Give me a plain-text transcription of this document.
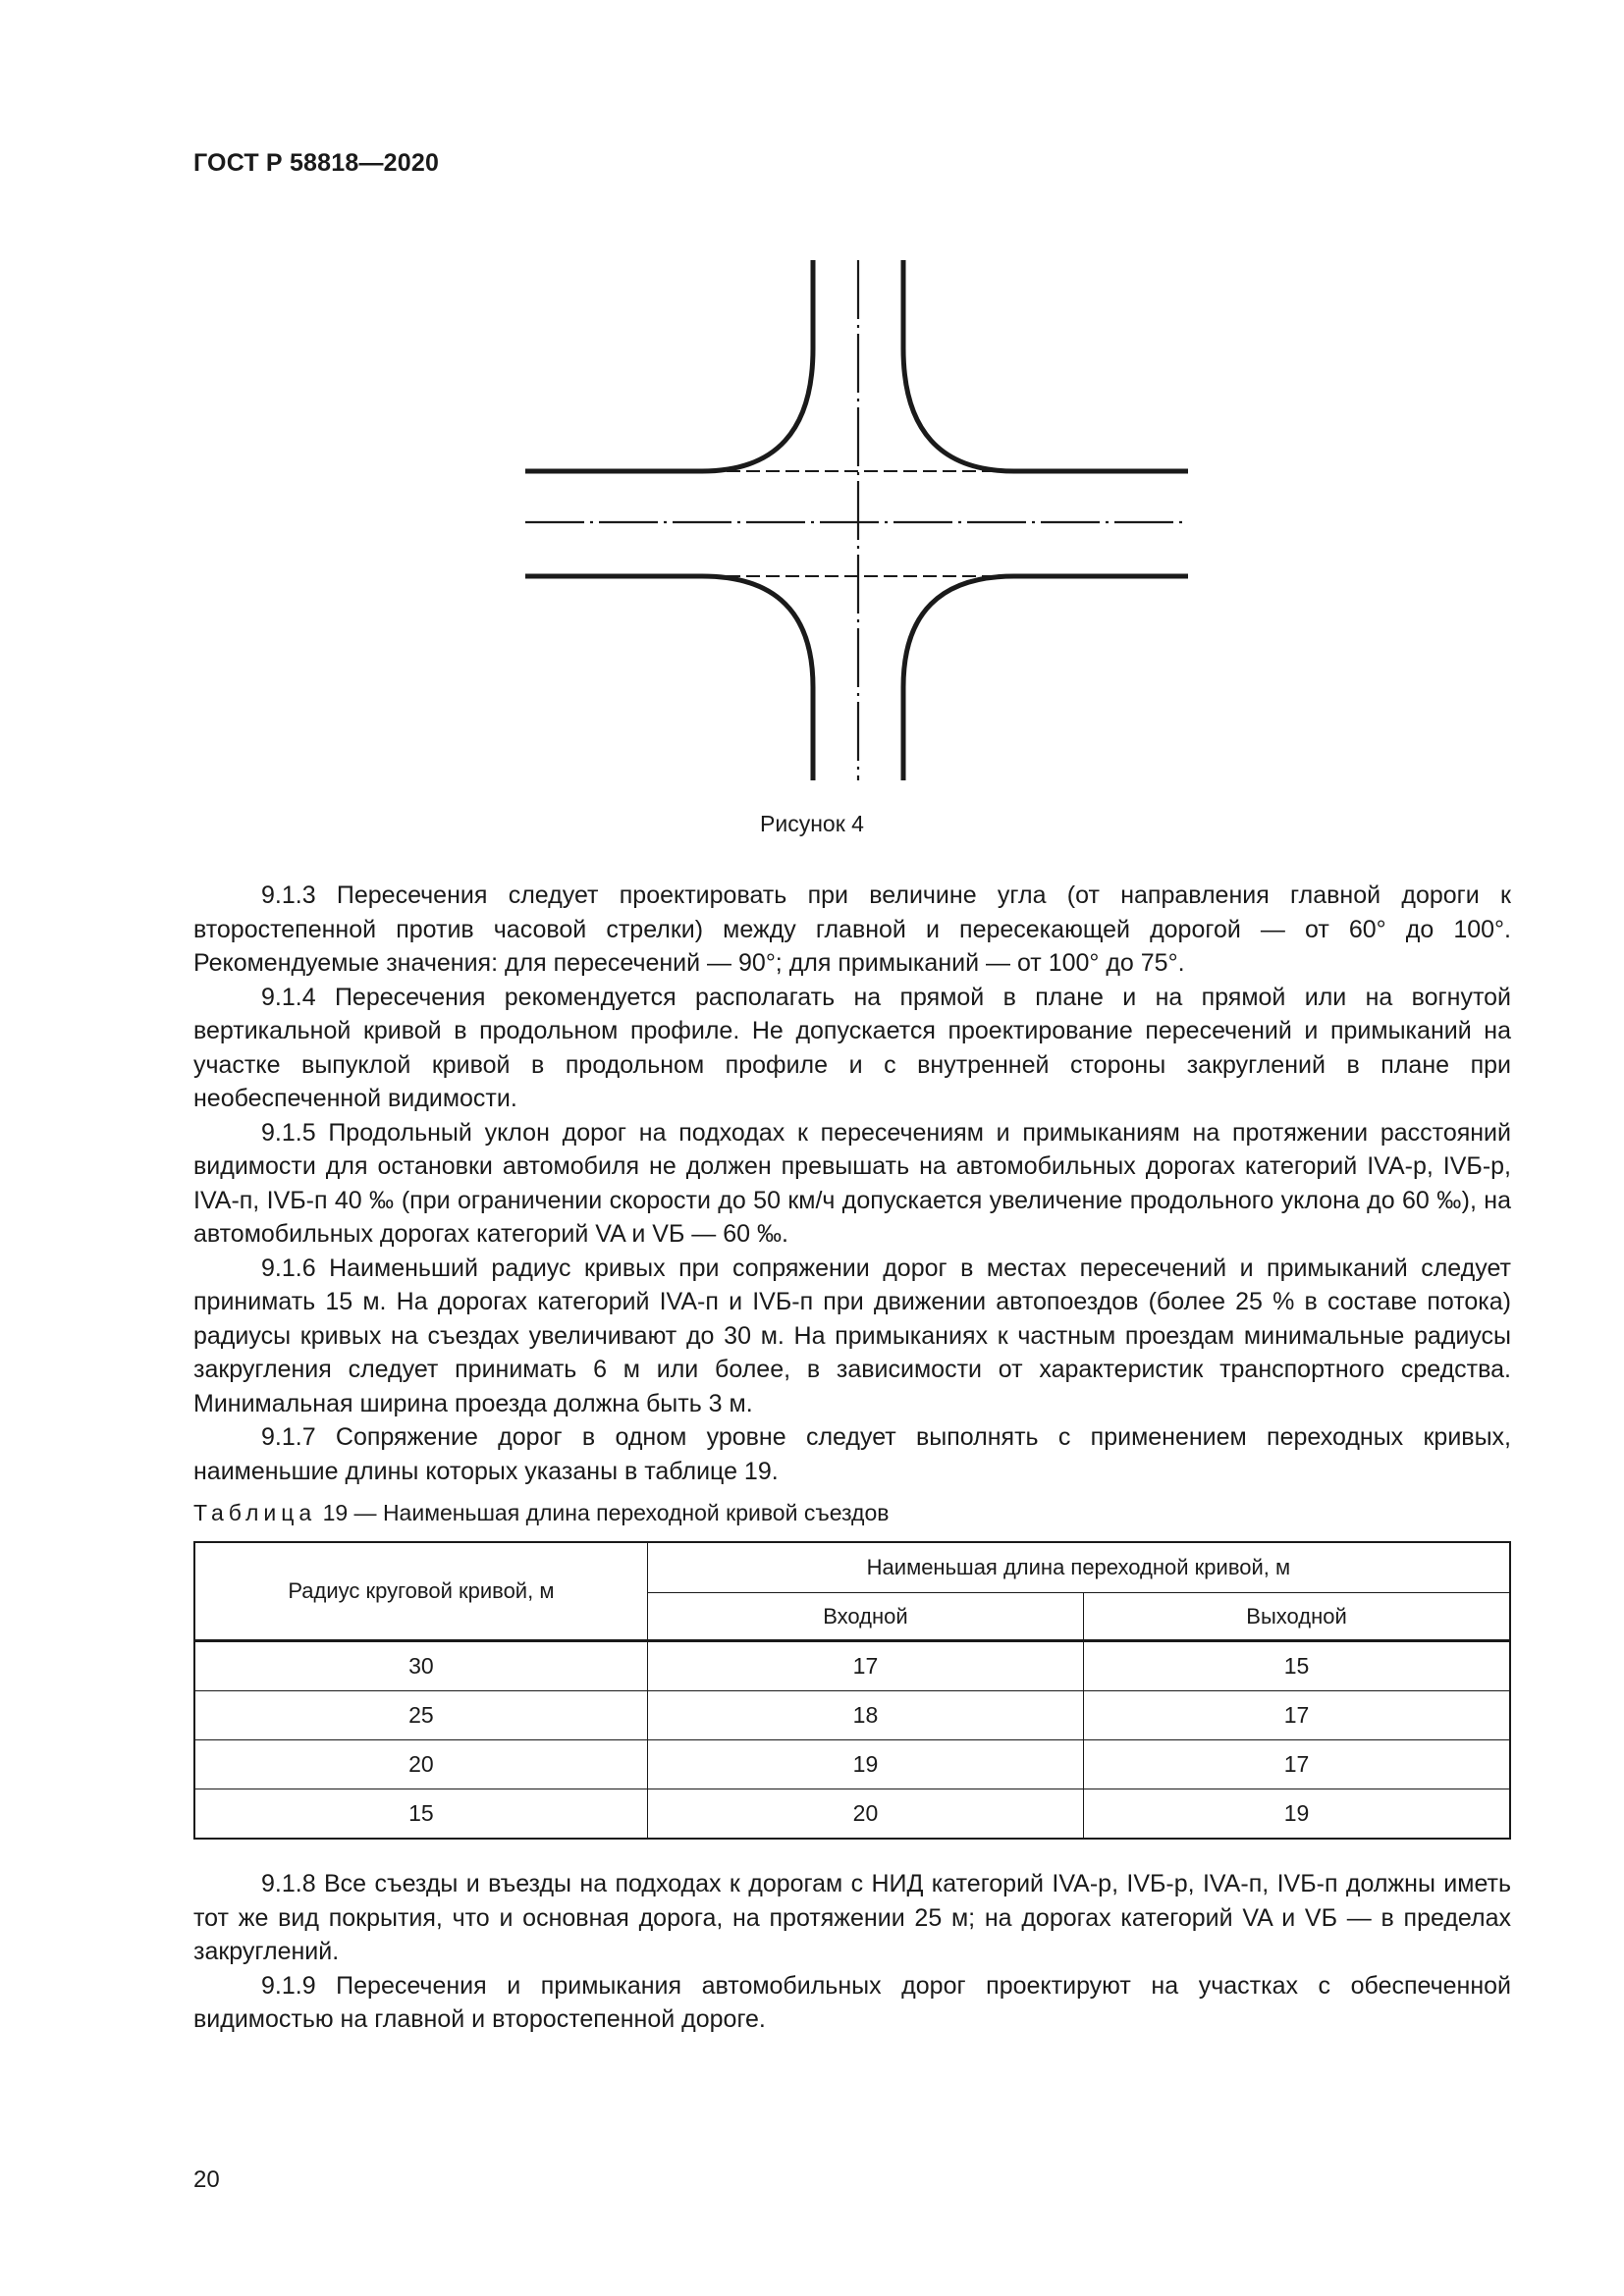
ГОСТ Р 58818—2020
Рисунок 4

9.1.3 Пересечения следует проектировать при величине угла (от направления главной дороги к второстепенной против часовой стрелки) между главной и пересекающей дорогой — от 60° до 100°. Рекомендуемые значения: для пересечений — 90°; для примыканий — от 100° до 75°.

9.1.4 Пересечения рекомендуется располагать на прямой в плане и на прямой или на вогнутой вертикальной кривой в продольном профиле. Не допускается проектирование пересечений и примыканий на участке выпуклой кривой в продольном профиле и с внутренней стороны закруглений в плане при необеспеченной видимости.

9.1.5 Продольный уклон дорог на подходах к пересечениям и примыканиям на протяжении расстояний видимости для остановки автомобиля не должен превышать на автомобильных дорогах категорий IVA-р, IVБ-р, IVA-п, IVБ-п 40 ‰ (при ограничении скорости до 50 км/ч допускается увеличение продольного уклона до 60 ‰), на автомобильных дорогах категорий VA и VБ — 60 ‰.

9.1.6 Наименьший радиус кривых при сопряжении дорог в местах пересечений и примыканий следует принимать 15 м. На дорогах категорий IVA-п и IVБ-п при движении автопоездов (более 25 % в составе потока) радиусы кривых на съездах увеличивают до 30 м. На примыканиях к частным проездам минимальные радиусы закругления следует принимать 6 м или более, в зависимости от характеристик транспортного средства. Минимальная ширина проезда должна быть 3 м.

9.1.7 Сопряжение дорог в одном уровне следует выполнять с применением переходных кривых, наименьшие длины которых указаны в таблице 19.

Таблица 19 — Наименьшая длина переходной кривой съездов
Радиус круговой кривой, м	Наименьшая длина переходной кривой, м	
	Входной	Выходной
30	17	15
25	18	17
20	19	17
15	20	19

9.1.8 Все съезды и въезды на подходах к дорогам с НИД категорий IVA-р, IVБ-р, IVA-п, IVБ-п должны иметь тот же вид покрытия, что и основная дорога, на протяжении 25 м; на дорогах категорий VA и VБ — в пределах закруглений.

9.1.9 Пересечения и примыкания автомобильных дорог проектируют на участках с обеспеченной видимостью на главной и второстепенной дороге.

20
